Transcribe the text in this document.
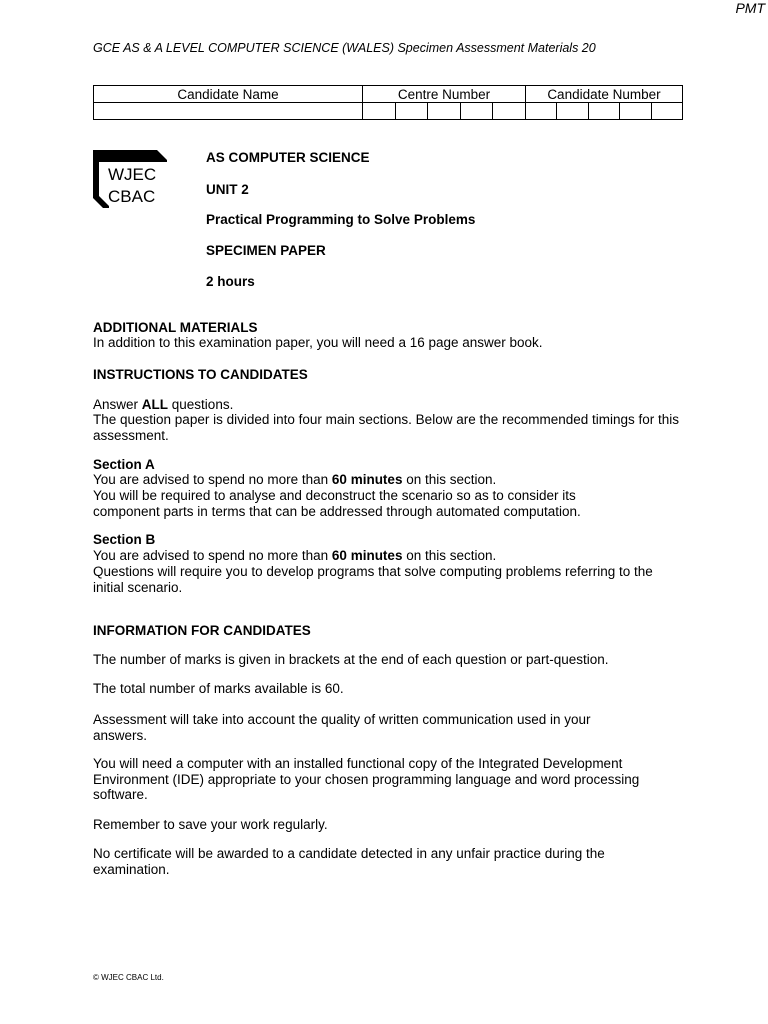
PMT
GCE AS & A LEVEL COMPUTER SCIENCE (WALES) Specimen Assessment Materials 20
Candidate Name	Centre Number					Candidate Number				

WJEC
CBAC
AS COMPUTER SCIENCE
UNIT 2
Practical Programming to Solve Problems
SPECIMEN PAPER
2 hours
ADDITIONAL MATERIALS
In addition to this examination paper, you will need a 16 page answer book.
INSTRUCTIONS TO CANDIDATES
Answer ALL questions.
The question paper is divided into four main sections. Below are the recommended timings for this assessment.
Section A
You are advised to spend no more than 60 minutes on this section.
You will be required to analyse and deconstruct the scenario so as to consider its component parts in terms that can be addressed through automated computation.
Section B
You are advised to spend no more than 60 minutes on this section.
Questions will require you to develop programs that solve computing problems referring to the initial scenario.
INFORMATION FOR CANDIDATES
The number of marks is given in brackets at the end of each question or part-question.
The total number of marks available is 60.
Assessment will take into account the quality of written communication used in your answers.
You will need a computer with an installed functional copy of the Integrated Development Environment (IDE) appropriate to your chosen programming language and word processing software.
Remember to save your work regularly.
No certificate will be awarded to a candidate detected in any unfair practice during the examination.
© WJEC CBAC Ltd.
